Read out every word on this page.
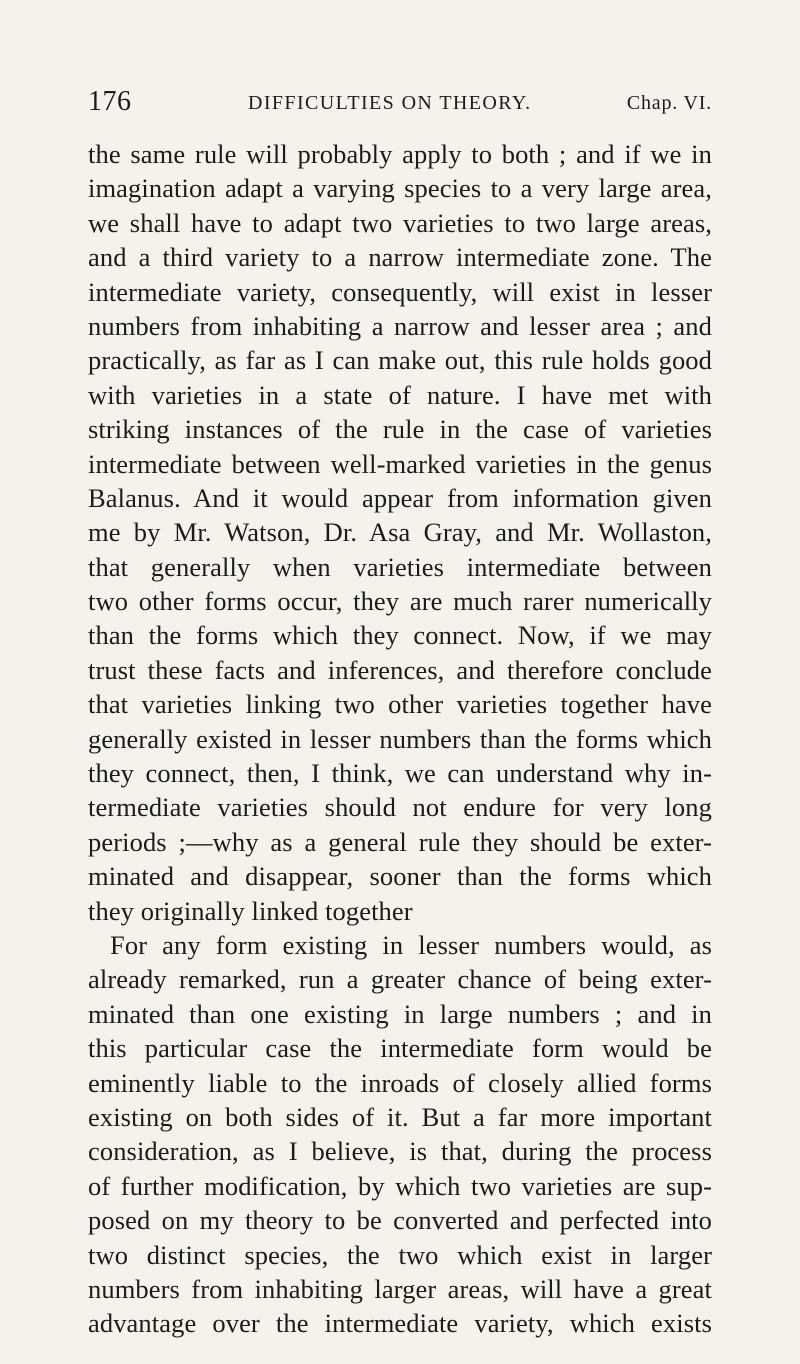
176	DIFFICULTIES ON THEORY.	Chap. VI.
the same rule will probably apply to both ; and if we in
imagination adapt a varying species to a very large area,
we shall have to adapt two varieties to two large areas,
and a third variety to a narrow intermediate zone. The
intermediate variety, consequently, will exist in lesser
numbers from inhabiting a narrow and lesser area ; and
practically, as far as I can make out, this rule holds good
with varieties in a state of nature. I have met with
striking instances of the rule in the case of varieties
intermediate between well-marked varieties in the genus
Balanus. And it would appear from information given
me by Mr. Watson, Dr. Asa Gray, and Mr. Wollaston,
that generally when varieties intermediate between
two other forms occur, they are much rarer numerically
than the forms which they connect. Now, if we may
trust these facts and inferences, and therefore conclude
that varieties linking two other varieties together have
generally existed in lesser numbers than the forms which
they connect, then, I think, we can understand why in-
termediate varieties should not endure for very long
periods ;—why as a general rule they should be exter-
minated and disappear, sooner than the forms which
they originally linked together
For any form existing in lesser numbers would, as
already remarked, run a greater chance of being exter-
minated than one existing in large numbers ; and in
this particular case the intermediate form would be
eminently liable to the inroads of closely allied forms
existing on both sides of it. But a far more important
consideration, as I believe, is that, during the process
of further modification, by which two varieties are sup-
posed on my theory to be converted and perfected into
two distinct species, the two which exist in larger
numbers from inhabiting larger areas, will have a great
advantage over the intermediate variety, which exists
